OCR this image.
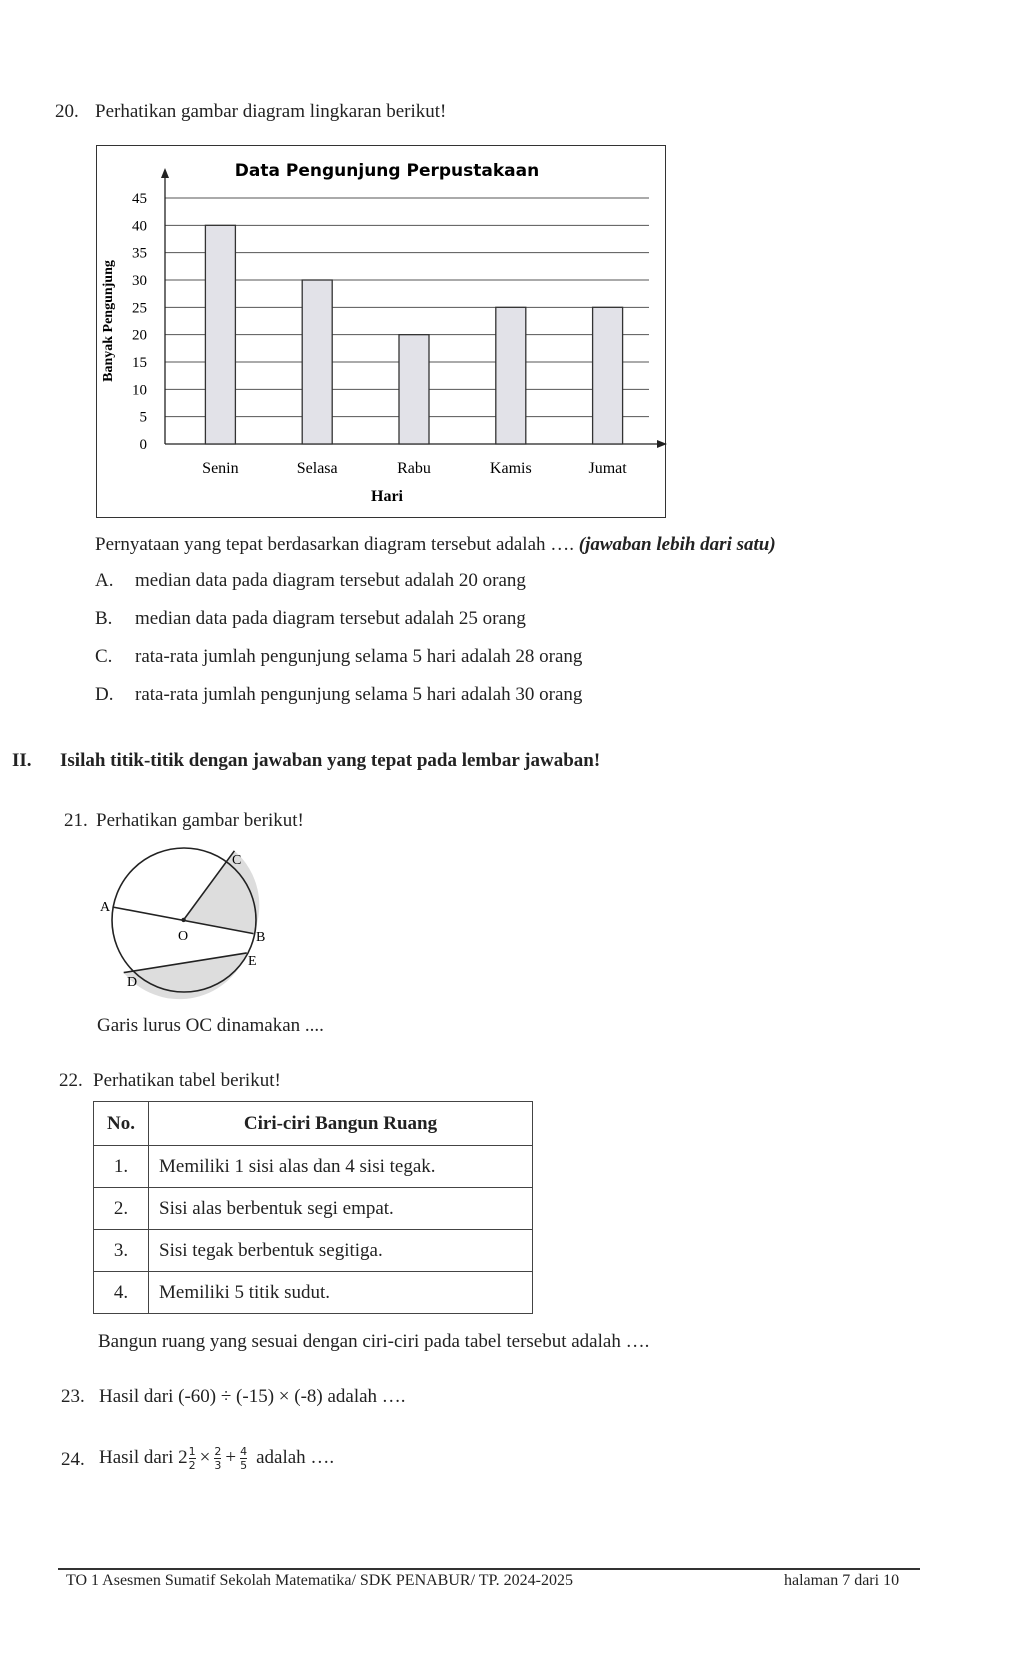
20. Perhatikan gambar diagram lingkaran berikut!
Data Pengunjung Perpustakaan
0
5
10
15
20
25
30
35
40
45
Senin	Selasa	Rabu	Kamis	Jumat
Hari
Banyak Pengunjung
Pernyataan yang tepat berdasarkan diagram tersebut adalah …. (jawaban lebih dari satu)
A. median data pada diagram tersebut adalah 20 orang
B. median data pada diagram tersebut adalah 25 orang
C. rata-rata jumlah pengunjung selama 5 hari adalah 28 orang
D. rata-rata jumlah pengunjung selama 5 hari adalah 30 orang
II. Isilah titik-titik dengan jawaban yang tepat pada lembar jawaban!
21. Perhatikan gambar berikut!
A
B
C
D
E
O
Garis lurus OC dinamakan ....
22. Perhatikan tabel berikut!
No.	Ciri-ciri Bangun Ruang
1.	Memiliki 1 sisi alas dan 4 sisi tegak.
2.	Sisi alas berbentuk segi empat.
3.	Sisi tegak berbentuk segitiga.
4.	Memiliki 5 titik sudut.
Bangun ruang yang sesuai dengan ciri-ciri pada tabel tersebut adalah ….
23. Hasil dari (-60) ÷ (-15) × (-8) adalah ….
24. Hasil dari $2 \frac{1}{2} \times \frac{2}{3} + \frac{4}{5}$ adalah ….
TO 1 Asesmen Sumatif Sekolah Matematika/ SDK PENABUR/ TP. 2024-2025	halaman 7 dari 10
